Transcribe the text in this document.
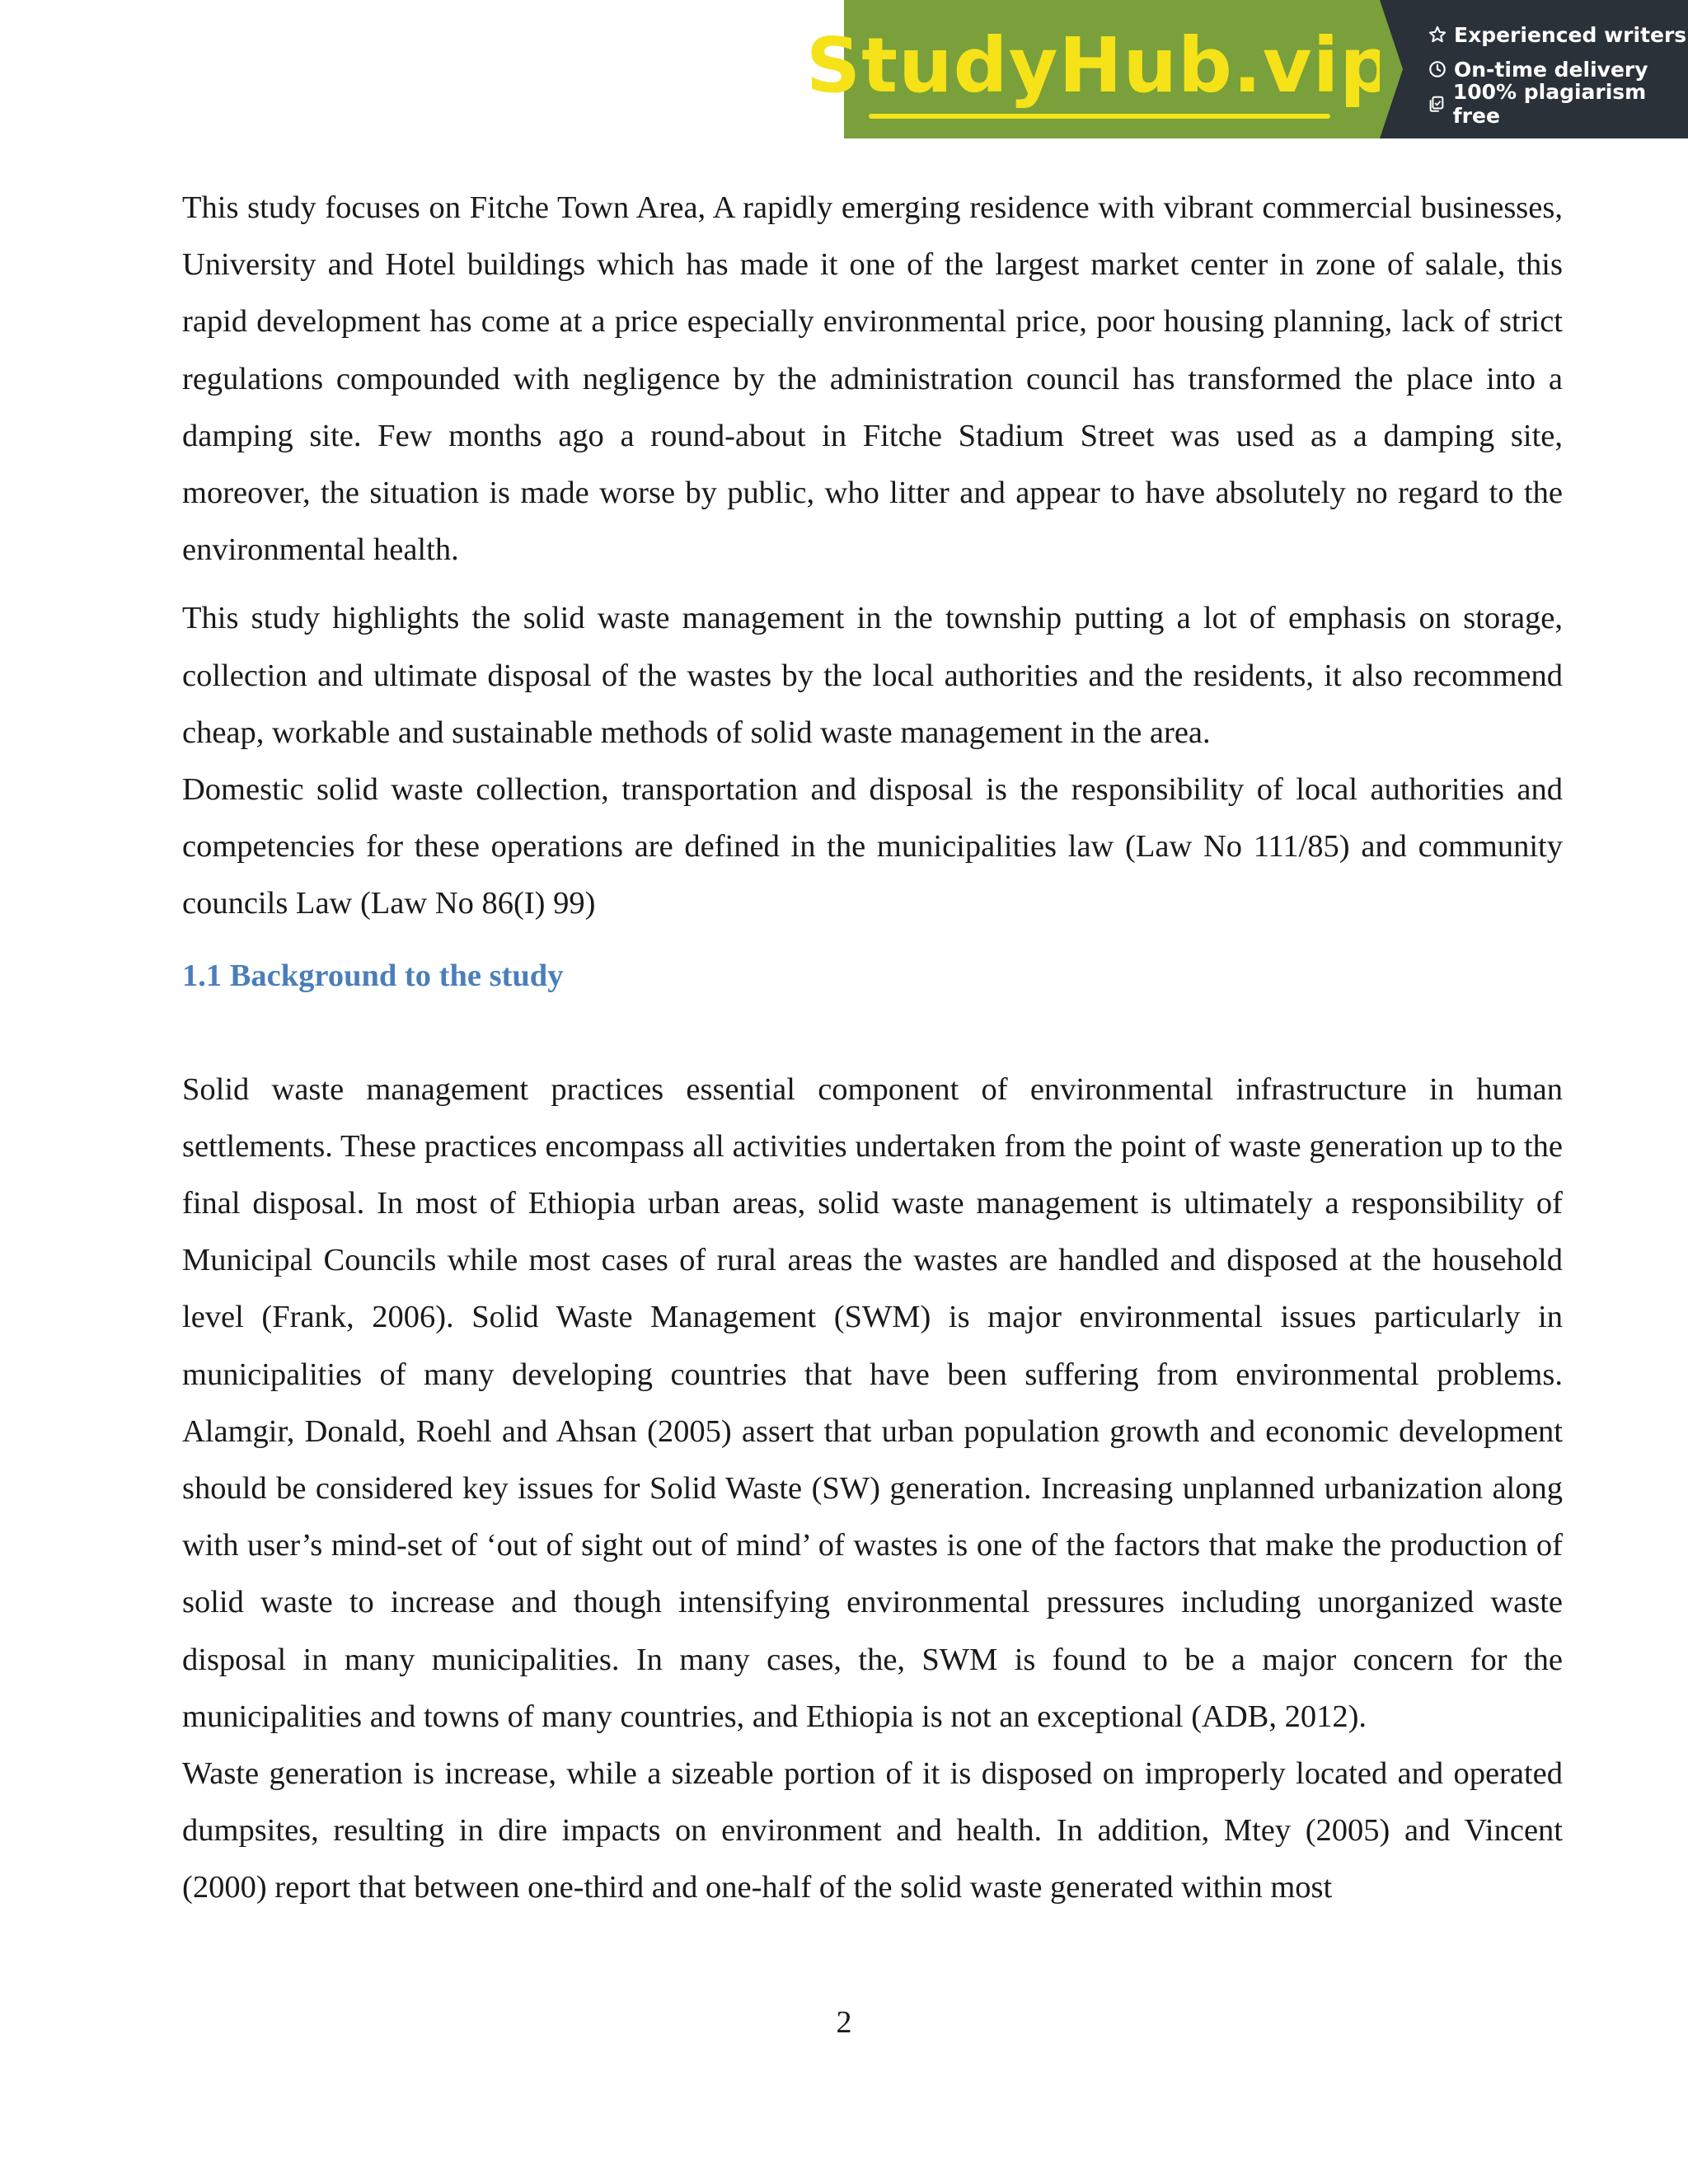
StudyHub.vip	Experienced writers
On-time delivery
100% plagiarism free

This study focuses on Fitche Town Area, A rapidly emerging residence with vibrant commercial businesses, University and Hotel buildings which has made it one of the largest market center in zone of salale, this rapid development has come at a price especially environmental price, poor housing planning, lack of strict regulations compounded with negligence by the administration council has transformed the place into a damping site. Few months ago a round-about in Fitche Stadium Street was used as a damping site, moreover, the situation is made worse by public, who litter and appear to have absolutely no regard to the environmental health.

This study highlights the solid waste management in the township putting a lot of emphasis on storage, collection and ultimate disposal of the wastes by the local authorities and the residents, it also recommend cheap, workable and sustainable methods of solid waste management in the area.

Domestic solid waste collection, transportation and disposal is the responsibility of local authorities and competencies for these operations are defined in the municipalities law (Law No 111/85) and community councils Law (Law No 86(I) 99)

1.1 Background to the study

Solid waste management practices essential component of environmental infrastructure in human settlements. These practices encompass all activities undertaken from the point of waste generation up to the final disposal. In most of Ethiopia urban areas, solid waste management is ultimately a responsibility of Municipal Councils while most cases of rural areas the wastes are handled and disposed at the household level (Frank, 2006). Solid Waste Management (SWM) is major environmental issues particularly in municipalities of many developing countries that have been suffering from environmental problems. Alamgir, Donald, Roehl and Ahsan (2005) assert that urban population growth and economic development should be considered key issues for Solid Waste (SW) generation. Increasing unplanned urbanization along with user’s mind-set of ‘out of sight out of mind’ of wastes is one of the factors that make the production of solid waste to increase and though intensifying environmental pressures including unorganized waste disposal in many municipalities. In many cases, the, SWM is found to be a major concern for the municipalities and towns of many countries, and Ethiopia is not an exceptional (ADB, 2012).

Waste generation is increase, while a sizeable portion of it is disposed on improperly located and operated dumpsites, resulting in dire impacts on environment and health. In addition, Mtey (2005) and Vincent (2000) report that between one-third and one-half of the solid waste generated within most

2
